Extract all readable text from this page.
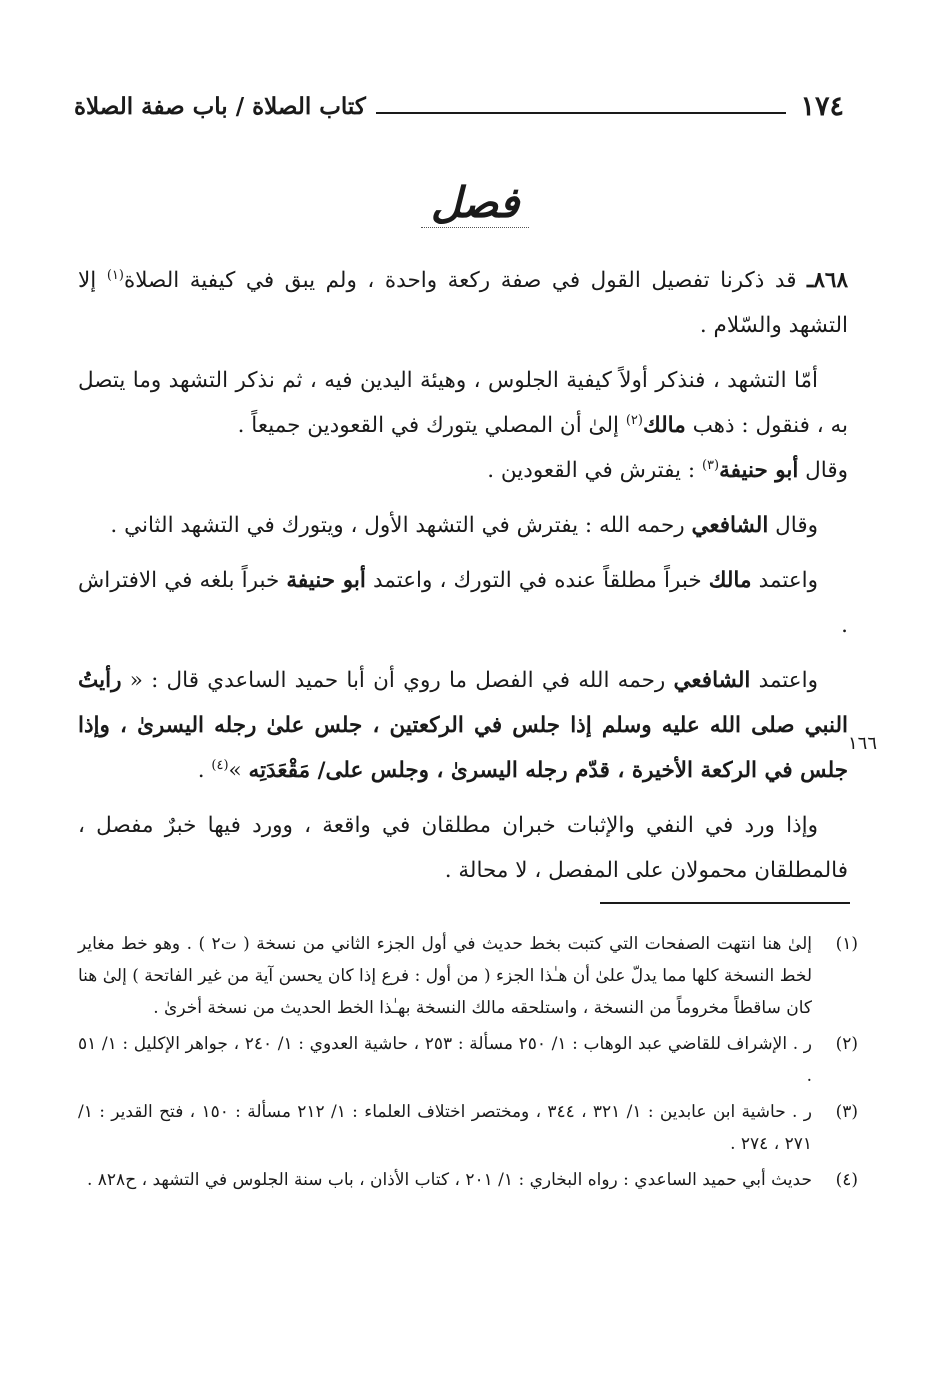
١٧٤
كتاب الصلاة / باب صفة الصلاة
فصل

٨٦٨ـ قد ذكرنا تفصيل القول في صفة ركعة واحدة ، ولم يبق في كيفية الصلاة$^{(١)}$ إلا التشهد والسّلام .

أمّا التشهد ، فنذكر أولاً كيفية الجلوس ، وهيئة اليدين فيه ، ثم نذكر التشهد وما يتصل به ، فنقول : ذهب مالك$^{(٢)}$ إلىٰ أن المصلي يتورك في القعودين جميعاً .
وقال أبو حنيفة$^{(٣)}$ : يفترش في القعودين .

وقال الشافعي رحمه الله : يفترش في التشهد الأول ، ويتورك في التشهد الثاني .

واعتمد مالك خبراً مطلقاً عنده في التورك ، واعتمد أبو حنيفة خبراً بلغه في الافتراش .

واعتمد الشافعي رحمه الله في الفصل ما روي أن أبا حميد الساعدي قال : « رأيتُ النبي صلى الله عليه وسلم إذا جلس في الركعتين ، جلس علىٰ رجله اليسرىٰ ، وإذا جلس في الركعة الأخيرة ، قدّم رجله اليسرىٰ ، وجلس على/ مَقْعَدَتِه »$^{(٤)}$ .

وإذا ورد في النفي والإثبات خبران مطلقان في واقعة ، وورد فيها خبرٌ مفصل ، فالمطلقان محمولان على المفصل ، لا محالة .

١٦٦
(١)
إلىٰ هنا انتهت الصفحات التي كتبت بخط حديث في أول الجزء الثاني من نسخة ( ت٢ ) . وهو خط مغاير لخط النسخة كلها مما يدلّ علىٰ أن هـٰذا الجزء ( من أول : فرع إذا كان يحسن آية من غير الفاتحة ) إلىٰ هنا كان ساقطاً مخروماً من النسخة ، واستلحقه مالك النسخة بهـٰذا الخط الحديث من نسخة أخرىٰ .
(٢)
ر . الإشراف للقاضي عبد الوهاب : ١/ ٢٥٠ مسألة : ٢٥٣ ، حاشية العدوي : ١/ ٢٤٠ ، جواهر الإكليل : ١/ ٥١ .
(٣)
ر . حاشية ابن عابدين : ١/ ٣٢١ ، ٣٤٤ ، ومختصر اختلاف العلماء : ١/ ٢١٢ مسألة : ١٥٠ ، فتح القدير : ١/ ٢٧١ ، ٢٧٤ .
(٤)
حديث أبي حميد الساعدي : رواه البخاري : ١/ ٢٠١ ، كتاب الأذان ، باب سنة الجلوس في التشهد ، ح٨٢٨ .
